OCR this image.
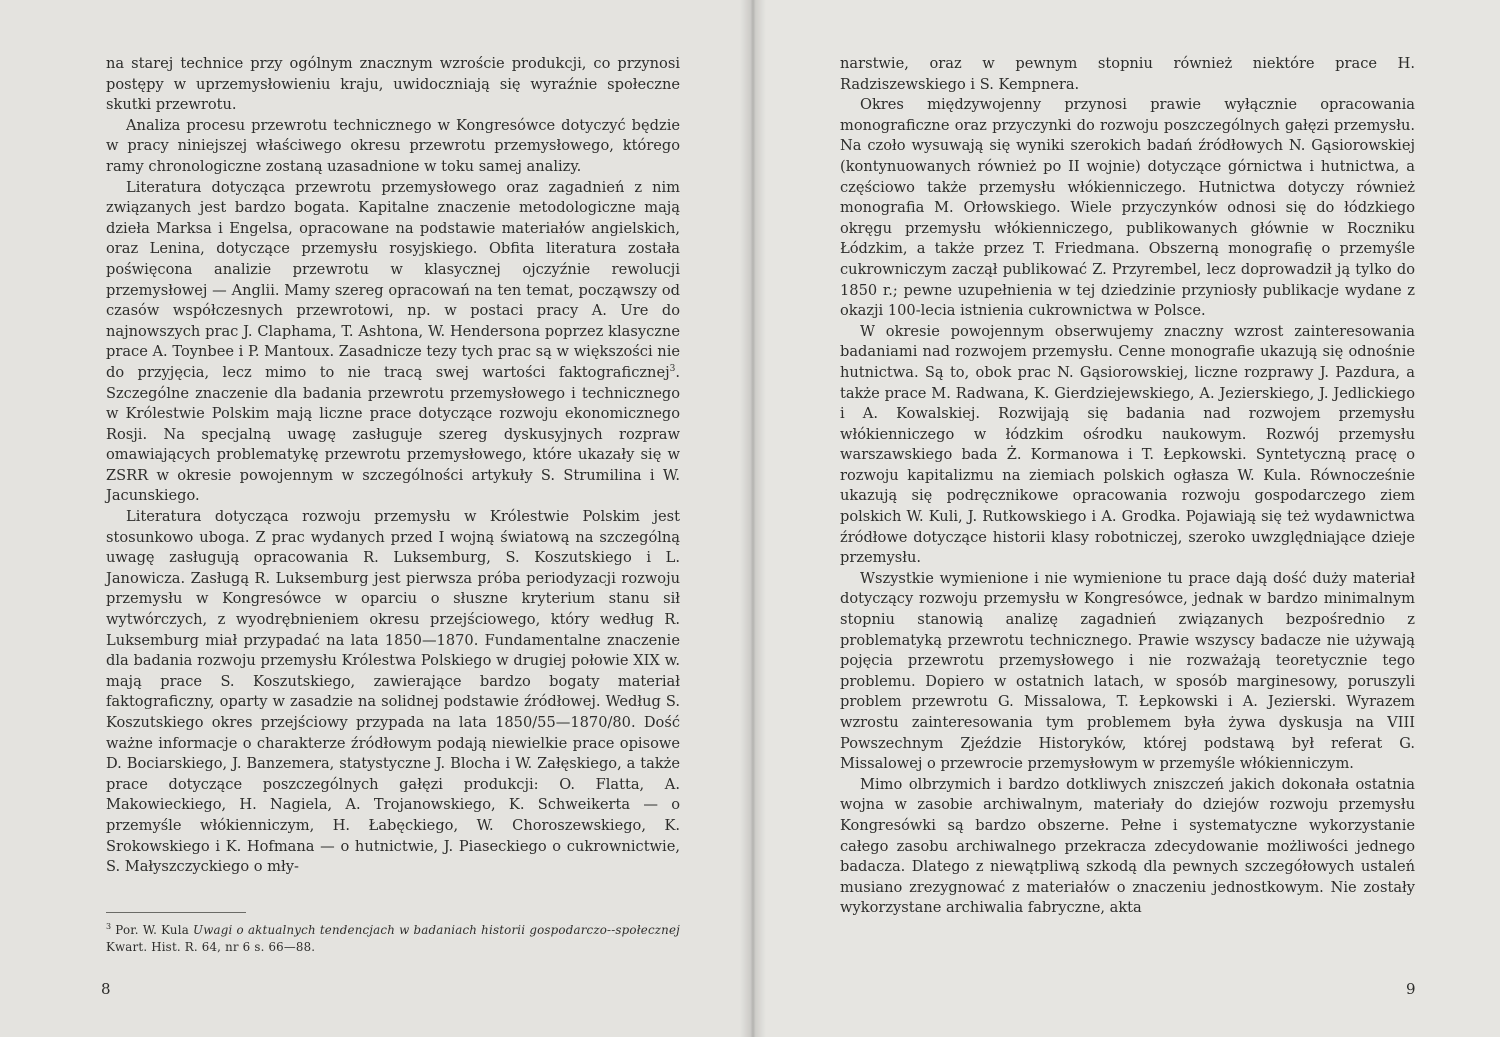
na starej technice przy ogólnym znacznym wzroście produkcji, co przynosi postępy w uprzemysłowieniu kraju, uwidoczniają się wyraźnie społeczne skutki przewrotu.

Analiza procesu przewrotu technicznego w Kongresówce dotyczyć będzie w pracy niniejszej właściwego okresu przewrotu przemysłowego, którego ramy chronologiczne zostaną uzasadnione w toku samej analizy.

Literatura dotycząca przewrotu przemysłowego oraz zagadnień z nim związanych jest bardzo bogata. Kapitalne znaczenie metodologiczne mają dzieła Marksa i Engelsa, opracowane na podstawie materiałów angielskich, oraz Lenina, dotyczące przemysłu rosyjskiego. Obfita literatura została poświęcona analizie przewrotu w klasycznej ojczyźnie rewolucji przemysłowej — Anglii. Mamy szereg opracowań na ten temat, począwszy od czasów współczesnych przewrotowi, np. w postaci pracy A. Ure do najnowszych prac J. Claphama, T. Ashtona, W. Hendersona poprzez klasyczne prace A. Toynbee i P. Mantoux. Zasadnicze tezy tych prac są w większości nie do przyjęcia, lecz mimo to nie tracą swej wartości faktograficznej$^3$. Szczególne znaczenie dla badania przewrotu przemysłowego i technicznego w Królestwie Polskim mają liczne prace dotyczące rozwoju ekonomicznego Rosji. Na specjalną uwagę zasługuje szereg dyskusyjnych rozpraw omawiających problematykę przewrotu przemysłowego, które ukazały się w ZSRR w okresie powojennym w szczególności artykuły S. Strumilina i W. Jacunskiego.

Literatura dotycząca rozwoju przemysłu w Królestwie Polskim jest stosunkowo uboga. Z prac wydanych przed I wojną światową na szczególną uwagę zasługują opracowania R. Luksemburg, S. Koszutskiego i L. Janowicza. Zasługą R. Luksemburg jest pierwsza próba periodyzacji rozwoju przemysłu w Kongresówce w oparciu o słuszne kryterium stanu sił wytwórczych, z wyodrębnieniem okresu przejściowego, który według R. Luksemburg miał przypadać na lata 1850—1870. Fundamentalne znaczenie dla badania rozwoju przemysłu Królestwa Polskiego w drugiej połowie XIX w. mają prace S. Koszutskiego, zawierające bardzo bogaty materiał faktograficzny, oparty w zasadzie na solidnej podstawie źródłowej. Według S. Koszutskiego okres przejściowy przypada na lata 1850/55—1870/80. Dość ważne informacje o charakterze źródłowym podają niewielkie prace opisowe D. Bociarskiego, J. Banzemera, statystyczne J. Blocha i W. Załęskiego, a także prace dotyczące poszczególnych gałęzi produkcji: O. Flatta, A. Makowieckiego, H. Nagiela, A. Trojanowskiego, K. Schweikerta — o przemyśle włókienniczym, H. Łabęckiego, W. Choroszewskiego, K. Srokowskiego i K. Hofmana — o hutnictwie, J. Piaseckiego o cukrownictwie, S. Małyszczyckiego o mły-

$^3$ Por. W. Kula Uwagi o aktualnych tendencjach w badaniach historii gospodarczo--społecznej Kwart. Hist. R. 64, nr 6 s. 66—88.
8

narstwie, oraz w pewnym stopniu również niektóre prace H. Radziszewskiego i S. Kempnera.

Okres międzywojenny przynosi prawie wyłącznie opracowania monograficzne oraz przyczynki do rozwoju poszczególnych gałęzi przemysłu. Na czoło wysuwają się wyniki szerokich badań źródłowych N. Gąsiorowskiej (kontynuowanych również po II wojnie) dotyczące górnictwa i hutnictwa, a częściowo także przemysłu włókienniczego. Hutnictwa dotyczy również monografia M. Orłowskiego. Wiele przyczynków odnosi się do łódzkiego okręgu przemysłu włókienniczego, publikowanych głównie w Roczniku Łódzkim, a także przez T. Friedmana. Obszerną monografię o przemyśle cukrowniczym zaczął publikować Z. Przyrembel, lecz doprowadził ją tylko do 1850 r.; pewne uzupełnienia w tej dziedzinie przyniosły publikacje wydane z okazji 100-lecia istnienia cukrownictwa w Polsce.

W okresie powojennym obserwujemy znaczny wzrost zainteresowania badaniami nad rozwojem przemysłu. Cenne monografie ukazują się odnośnie hutnictwa. Są to, obok prac N. Gąsiorowskiej, liczne rozprawy J. Pazdura, a także prace M. Radwana, K. Gierdziejewskiego, A. Jezierskiego, J. Jedlickiego i A. Kowalskiej. Rozwijają się badania nad rozwojem przemysłu włókienniczego w łódzkim ośrodku naukowym. Rozwój przemysłu warszawskiego bada Ż. Kormanowa i T. Łepkowski. Syntetyczną pracę o rozwoju kapitalizmu na ziemiach polskich ogłasza W. Kula. Równocześnie ukazują się podręcznikowe opracowania rozwoju gospodarczego ziem polskich W. Kuli, J. Rutkowskiego i A. Grodka. Pojawiają się też wydawnictwa źródłowe dotyczące historii klasy robotniczej, szeroko uwzględniające dzieje przemysłu.

Wszystkie wymienione i nie wymienione tu prace dają dość duży materiał dotyczący rozwoju przemysłu w Kongresówce, jednak w bardzo minimalnym stopniu stanowią analizę zagadnień związanych bezpośrednio z problematyką przewrotu technicznego. Prawie wszyscy badacze nie używają pojęcia przewrotu przemysłowego i nie rozważają teoretycznie tego problemu. Dopiero w ostatnich latach, w sposób marginesowy, poruszyli problem przewrotu G. Missalowa, T. Łepkowski i A. Jezierski. Wyrazem wzrostu zainteresowania tym problemem była żywa dyskusja na VIII Powszechnym Zjeździe Historyków, której podstawą był referat G. Missalowej o przewrocie przemysłowym w przemyśle włókienniczym.

Mimo olbrzymich i bardzo dotkliwych zniszczeń jakich dokonała ostatnia wojna w zasobie archiwalnym, materiały do dziejów rozwoju przemysłu Kongresówki są bardzo obszerne. Pełne i systematyczne wykorzystanie całego zasobu archiwalnego przekracza zdecydowanie możliwości jednego badacza. Dlatego z niewątpliwą szkodą dla pewnych szczegółowych ustaleń musiano zrezygnować z materiałów o znaczeniu jednostkowym. Nie zostały wykorzystane archiwalia fabryczne, akta

9
